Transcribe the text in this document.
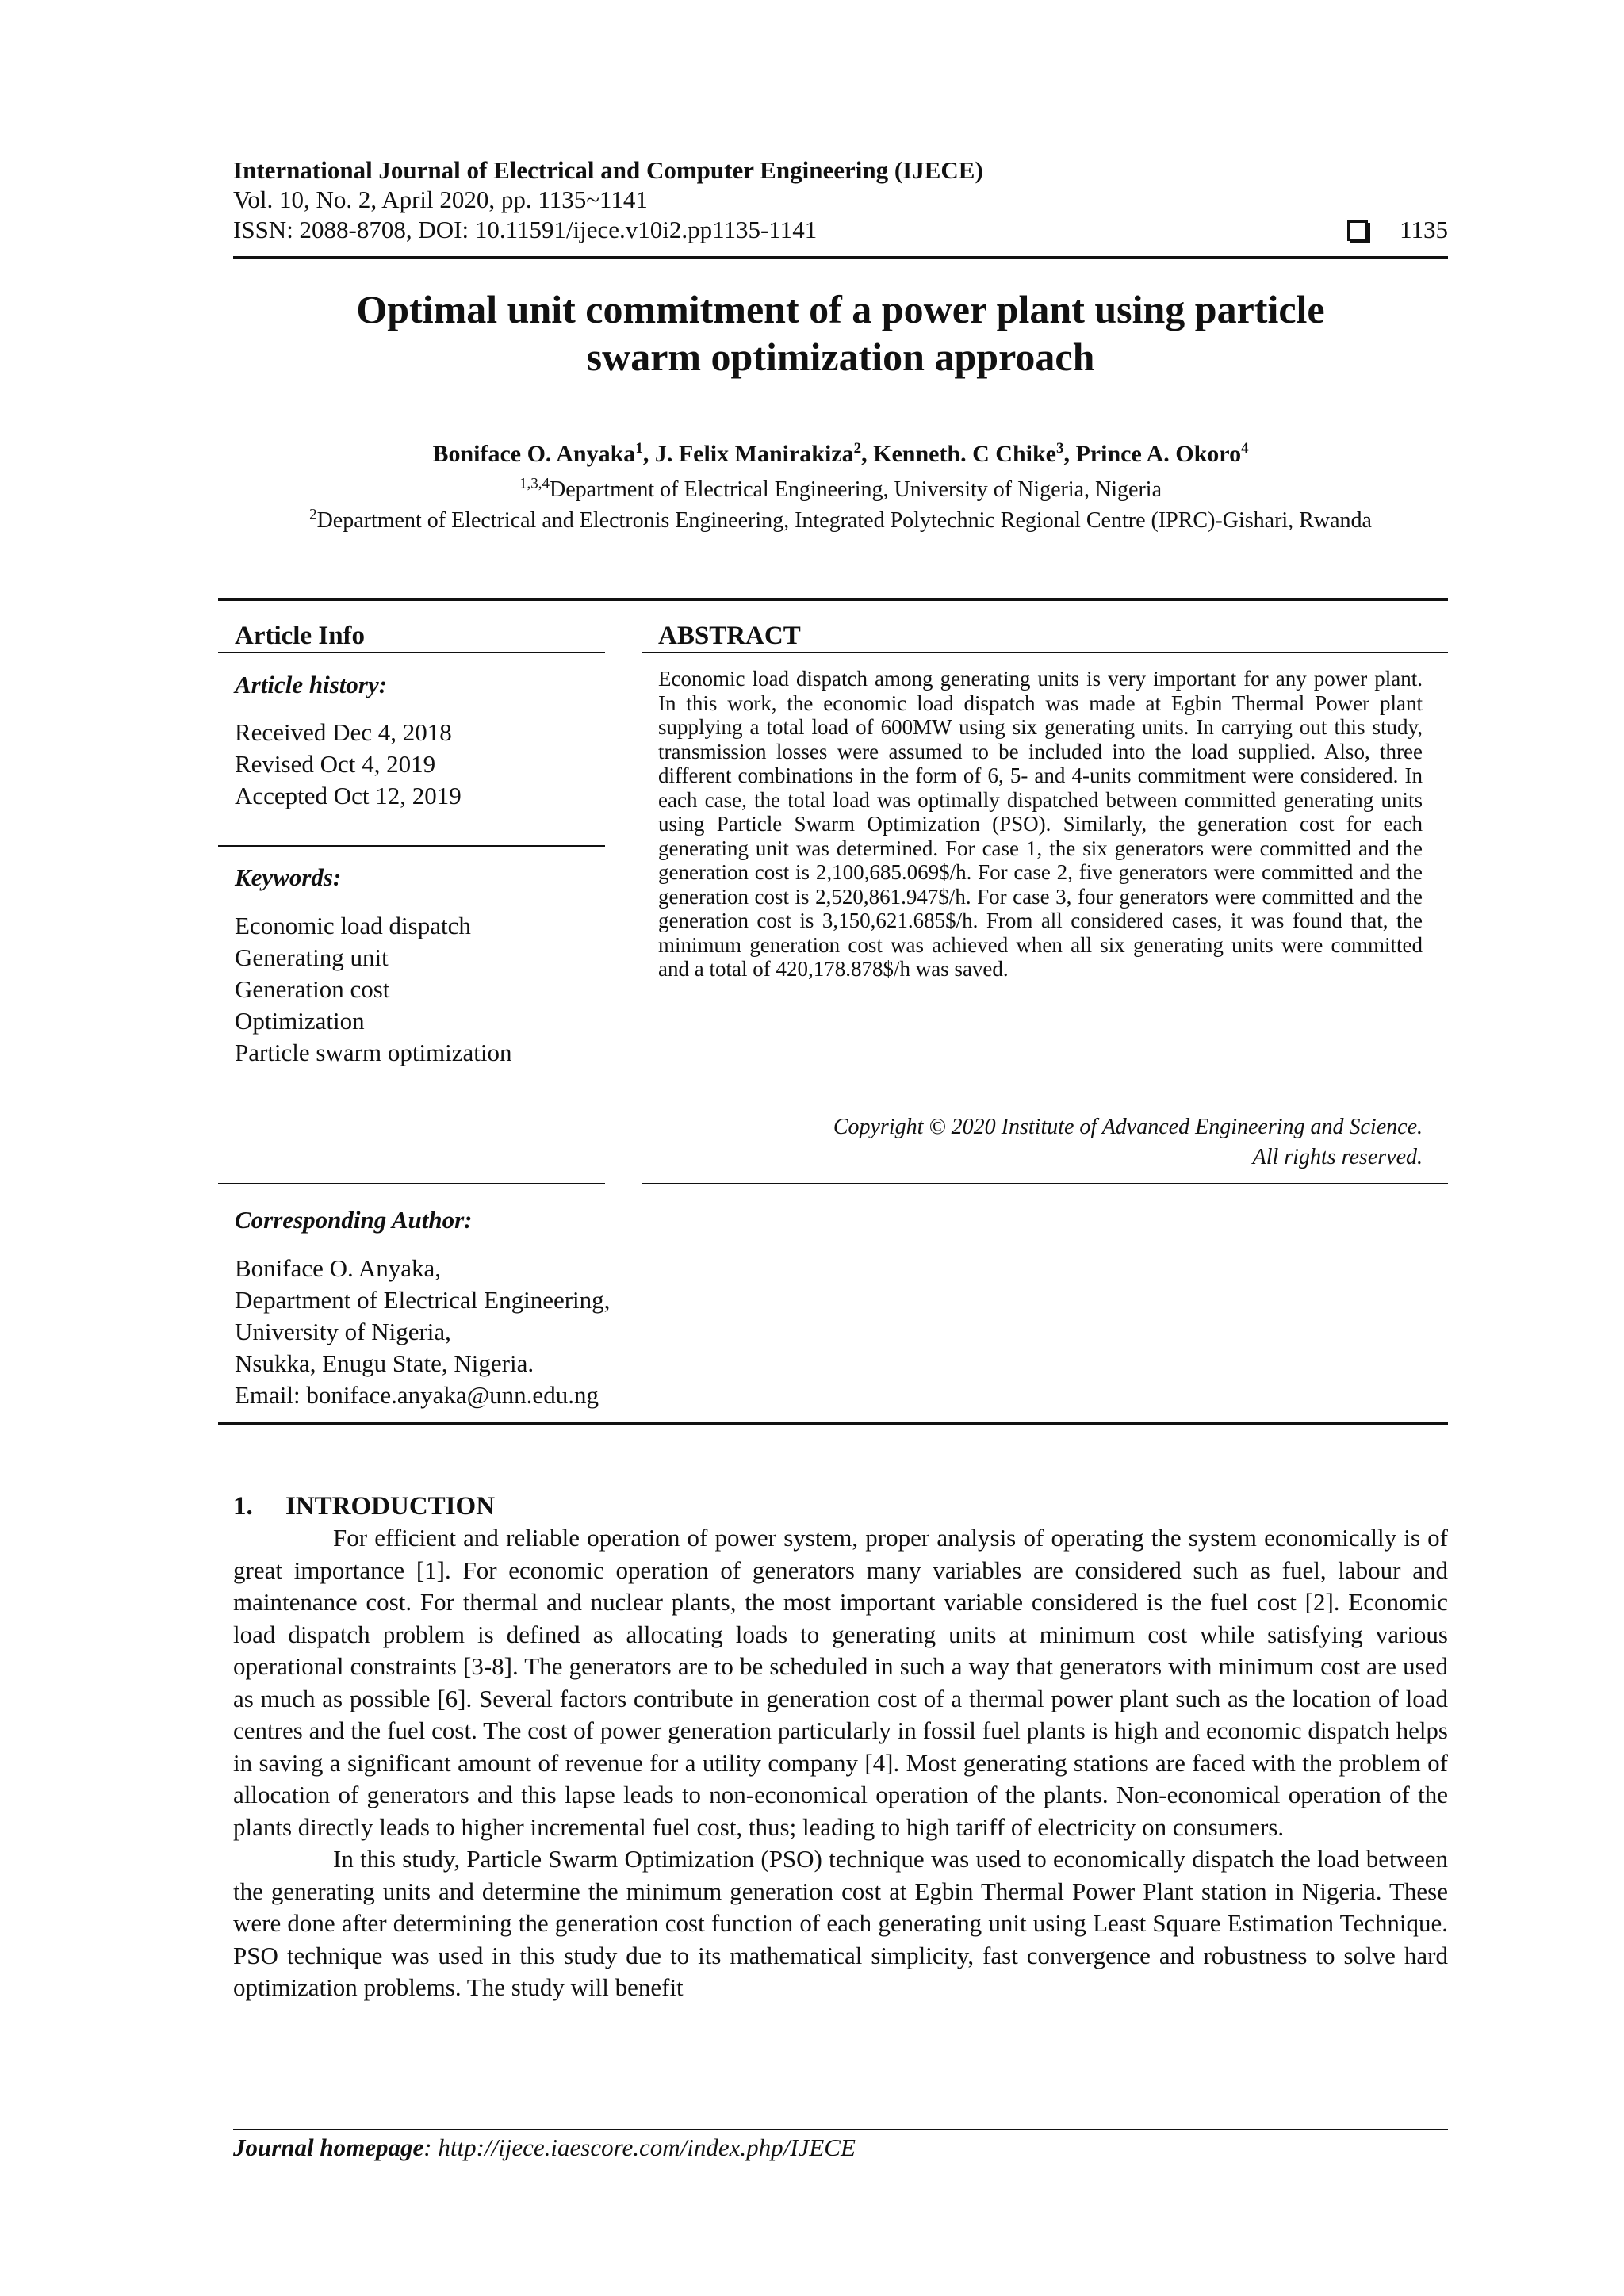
International Journal of Electrical and Computer Engineering (IJECE)
Vol. 10, No. 2, April 2020, pp. 1135~1141
ISSN: 2088-8708, DOI: 10.11591/ijece.v10i2.pp1135-1141	1135
Optimal unit commitment of a power plant using particle
swarm optimization approach
Boniface O. Anyaka$^1$, J. Felix Manirakiza$^2$, Kenneth. C Chike$^3$, Prince A. Okoro$^4$
$^{1,3,4}$Department of Electrical Engineering, University of Nigeria, Nigeria
$^2$Department of Electrical and Electronis Engineering, Integrated Polytechnic Regional Centre (IPRC)-Gishari, Rwanda
Article Info
Article history:
Received Dec 4, 2018
Revised Oct 4, 2019
Accepted Oct 12, 2019
Keywords:
Economic load dispatch
Generating unit
Generation cost
Optimization
Particle swarm optimization
ABSTRACT
Economic load dispatch among generating units is very important for any power plant. In this work, the economic load dispatch was made at Egbin Thermal Power plant supplying a total load of 600MW using six generating units. In carrying out this study, transmission losses were assumed to be included into the load supplied. Also, three different combinations in the form of 6, 5- and 4-units commitment were considered. In each case, the total load was optimally dispatched between committed generating units using Particle Swarm Optimization (PSO). Similarly, the generation cost for each generating unit was determined. For case 1, the six generators were committed and the generation cost is 2,100,685.069$/h. For case 2, five generators were committed and the generation cost is 2,520,861.947$/h. For case 3, four generators were committed and the generation cost is 3,150,621.685$/h. From all considered cases, it was found that, the minimum generation cost was achieved when all six generating units were committed and a total of 420,178.878$/h was saved.
Copyright © 2020 Institute of Advanced Engineering and Science.
All rights reserved.
Corresponding Author:
Boniface O. Anyaka,
Department of Electrical Engineering,
University of Nigeria,
Nsukka, Enugu State, Nigeria.
Email: boniface.anyaka@unn.edu.ng
1.     INTRODUCTION

For efficient and reliable operation of power system, proper analysis of operating the system economically is of great importance [1]. For economic operation of generators many variables are considered such as fuel, labour and maintenance cost. For thermal and nuclear plants, the most important variable considered is the fuel cost [2]. Economic load dispatch problem is defined as allocating loads to generating units at minimum cost while satisfying various operational constraints [3-8]. The generators are to be scheduled in such a way that generators with minimum cost are used as much as possible [6]. Several factors contribute in generation cost of a thermal power plant such as the location of load centres and the fuel cost. The cost of power generation particularly in fossil fuel plants is high and economic dispatch helps in saving a significant amount of revenue for a utility company [4]. Most generating stations are faced with the problem of allocation of generators and this lapse leads to non-economical operation of the plants. Non-economical operation of the plants directly leads to higher incremental fuel cost, thus; leading to high tariff of electricity on consumers.

In this study, Particle Swarm Optimization (PSO) technique was used to economically dispatch the load between the generating units and determine the minimum generation cost at Egbin Thermal Power Plant station in Nigeria. These were done after determining the generation cost function of each generating unit using Least Square Estimation Technique. PSO technique was used in this study due to its mathematical simplicity, fast convergence and robustness to solve hard optimization problems. The study will benefit

Journal homepage: http://ijece.iaescore.com/index.php/IJECE
